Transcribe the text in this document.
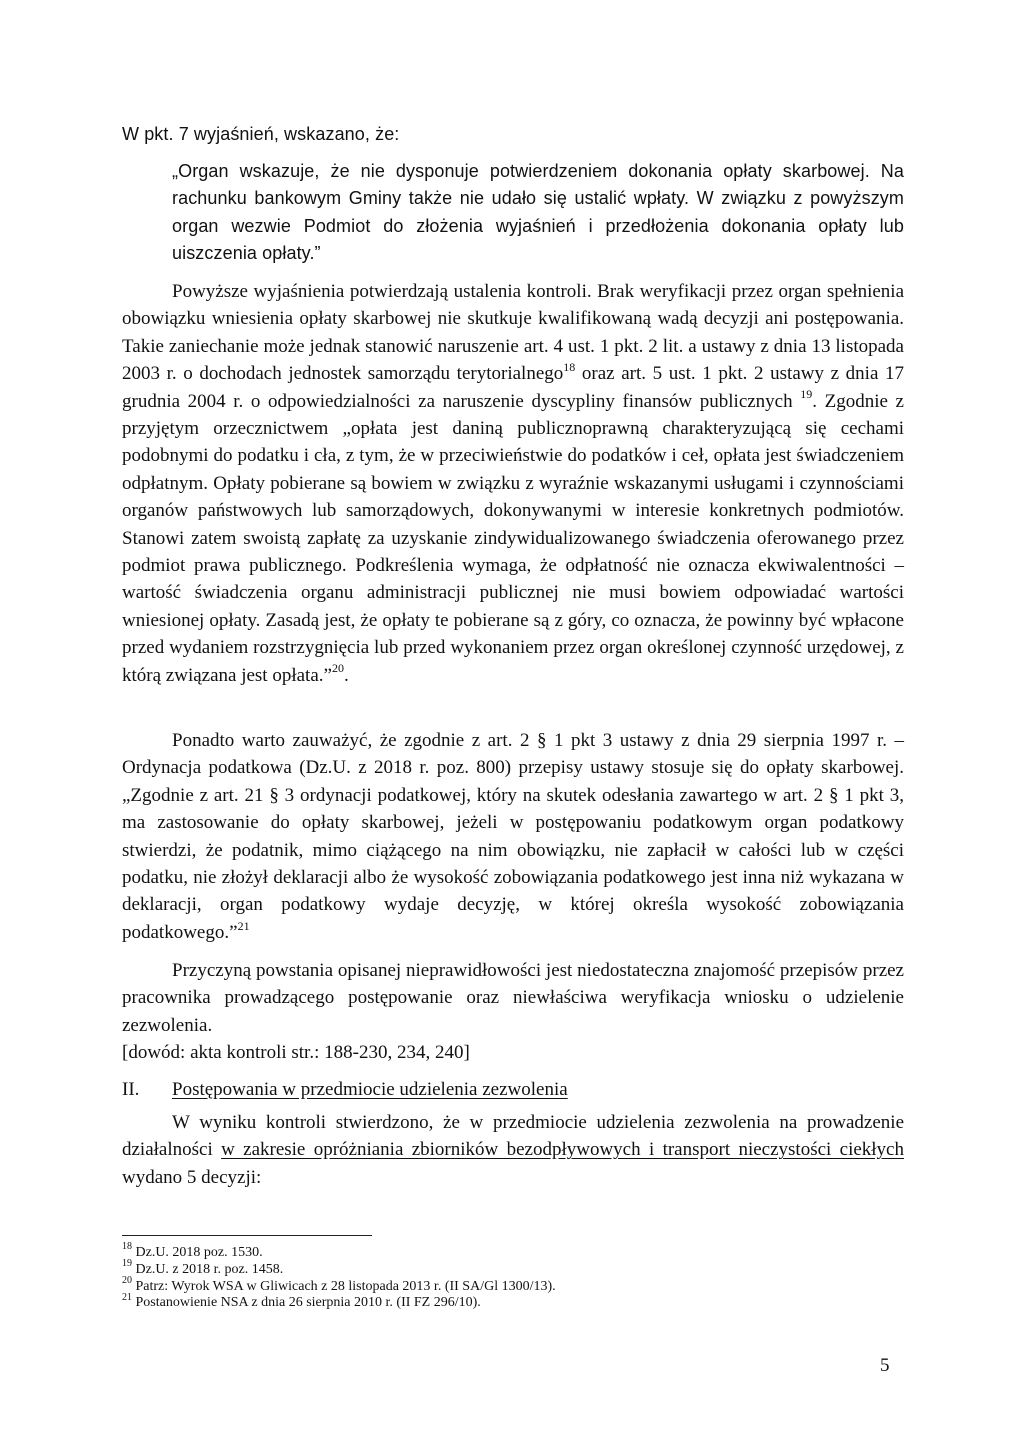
W pkt. 7 wyjaśnień, wskazano, że:
„Organ wskazuje, że nie dysponuje potwierdzeniem dokonania opłaty skarbowej. Na rachunku bankowym Gminy także nie udało się ustalić wpłaty. W związku z powyższym organ wezwie Podmiot do złożenia wyjaśnień i przedłożenia dokonania opłaty lub uiszczenia opłaty.”
Powyższe wyjaśnienia potwierdzają ustalenia kontroli. Brak weryfikacji przez organ spełnienia obowiązku wniesienia opłaty skarbowej nie skutkuje kwalifikowaną wadą decyzji ani postępowania. Takie zaniechanie może jednak stanowić naruszenie art. 4 ust. 1 pkt. 2 lit. a ustawy z dnia 13 listopada 2003 r. o dochodach jednostek samorządu terytorialnego$^{18}$ oraz art. 5 ust. 1 pkt. 2 ustawy z dnia 17 grudnia 2004 r. o odpowiedzialności za naruszenie dyscypliny finansów publicznych $^{19}$. Zgodnie z przyjętym orzecznictwem „opłata jest daniną publicznoprawną charakteryzującą się cechami podobnymi do podatku i cła, z tym, że w przeciwieństwie do podatków i ceł, opłata jest świadczeniem odpłatnym. Opłaty pobierane są bowiem w związku z wyraźnie wskazanymi usługami i czynnościami organów państwowych lub samorządowych, dokonywanymi w interesie konkretnych podmiotów. Stanowi zatem swoistą zapłatę za uzyskanie zindywidualizowanego świadczenia oferowanego przez podmiot prawa publicznego. Podkreślenia wymaga, że odpłatność nie oznacza ekwiwalentności – wartość świadczenia organu administracji publicznej nie musi bowiem odpowiadać wartości wniesionej opłaty. Zasadą jest, że opłaty te pobierane są z góry, co oznacza, że powinny być wpłacone przed wydaniem rozstrzygnięcia lub przed wykonaniem przez organ określonej czynność urzędowej, z którą związana jest opłata.”$^{20}$.
Ponadto warto zauważyć, że zgodnie z art. 2 § 1 pkt 3 ustawy z dnia 29 sierpnia 1997 r. – Ordynacja podatkowa (Dz.U. z 2018 r. poz. 800) przepisy ustawy stosuje się do opłaty skarbowej. „Zgodnie z art. 21 § 3 ordynacji podatkowej, który na skutek odesłania zawartego w art. 2 § 1 pkt 3, ma zastosowanie do opłaty skarbowej, jeżeli w postępowaniu podatkowym organ podatkowy stwierdzi, że podatnik, mimo ciążącego na nim obowiązku, nie zapłacił w całości lub w części podatku, nie złożył deklaracji albo że wysokość zobowiązania podatkowego jest inna niż wykazana w deklaracji, organ podatkowy wydaje decyzję, w której określa wysokość zobowiązania podatkowego.”$^{21}$
Przyczyną powstania opisanej nieprawidłowości jest niedostateczna znajomość przepisów przez pracownika prowadzącego postępowanie oraz niewłaściwa weryfikacja wniosku o udzielenie zezwolenia.
[dowód: akta kontroli str.: 188-230, 234, 240]
II. Postępowania w przedmiocie udzielenia zezwolenia
W wyniku kontroli stwierdzono, że w przedmiocie udzielenia zezwolenia na prowadzenie działalności w zakresie opróżniania zbiorników bezodpływowych i transport nieczystości ciekłych wydano 5 decyzji:
$^{18}$ Dz.U. 2018 poz. 1530.
$^{19}$ Dz.U. z 2018 r. poz. 1458.
$^{20}$ Patrz: Wyrok WSA w Gliwicach z 28 listopada 2013 r. (II SA/Gl 1300/13).
$^{21}$ Postanowienie NSA z dnia 26 sierpnia 2010 r. (II FZ 296/10).
5
